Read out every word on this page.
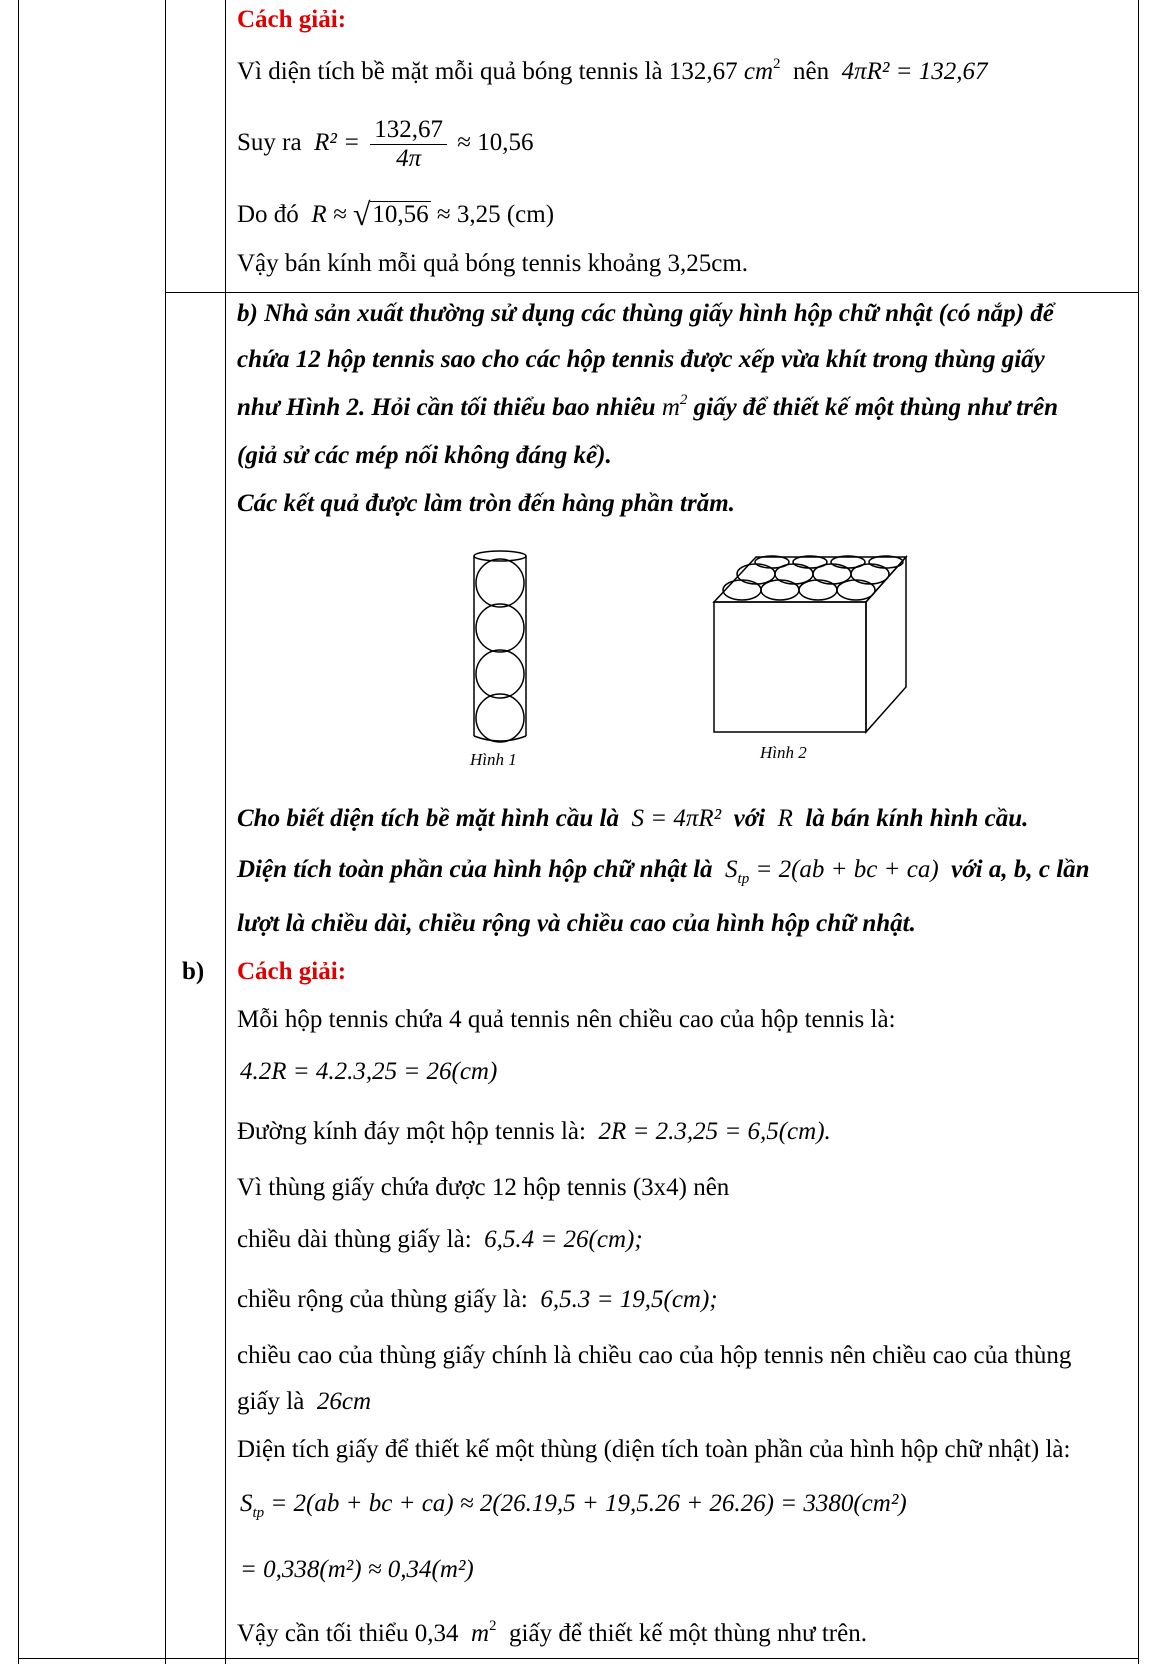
Cách giải:
Vì diện tích bề mặt mỗi quả bóng tennis là 132,67 $cm^2$ nên 4πR² = 132,67
Suy ra $R^2 = \frac{132,67}{4\pi} \approx 10,56$
Do đó R ≈ √10,56 ≈ 3,25 (cm)
Vậy bán kính mỗi quả bóng tennis khoảng 3,25cm.
b) Nhà sản xuất thường sử dụng các thùng giấy hình hộp chữ nhật (có nắp) để
chứa 12 hộp tennis sao cho các hộp tennis được xếp vừa khít trong thùng giấy
như Hình 2. Hỏi cần tối thiểu bao nhiêu $m^2$ giấy để thiết kế một thùng như trên
(giả sử các mép nối không đáng kể).
Các kết quả được làm tròn đến hàng phần trăm.
Hình 1	Hình 2
Cho biết diện tích bề mặt hình cầu là S = 4πR² với R là bán kính hình cầu.
Diện tích toàn phần của hình hộp chữ nhật là $S_{tp} = 2(ab$ + bc + ca) với a, b, c lần
lượt là chiều dài, chiều rộng và chiều cao của hình hộp chữ nhật.
b) Cách giải:
Mỗi hộp tennis chứa 4 quả tennis nên chiều cao của hộp tennis là:
4.2R = 4.2.3,25 = 26(cm)
Đường kính đáy một hộp tennis là: 2R = 2.3,25 = 6,5(cm).
Vì thùng giấy chứa được 12 hộp tennis (3x4) nên
chiều dài thùng giấy là: 6,5.4 = 26(cm);
chiều rộng của thùng giấy là: 6,5.3 = 19,5(cm);
chiều cao của thùng giấy chính là chiều cao của hộp tennis nên chiều cao của thùng
giấy là 26cm
Diện tích giấy để thiết kế một thùng (diện tích toàn phần của hình hộp chữ nhật) là:
$S_{tp} = 2(ab$ + bc + ca) ≈ 2(26.19,5 + 19,5.26 + 26.26) = 3380(cm²)
= 0,338(m²) ≈ 0,34(m²)
Vậy cần tối thiểu 0,34 $m^2$ giấy để thiết kế một thùng như trên.
